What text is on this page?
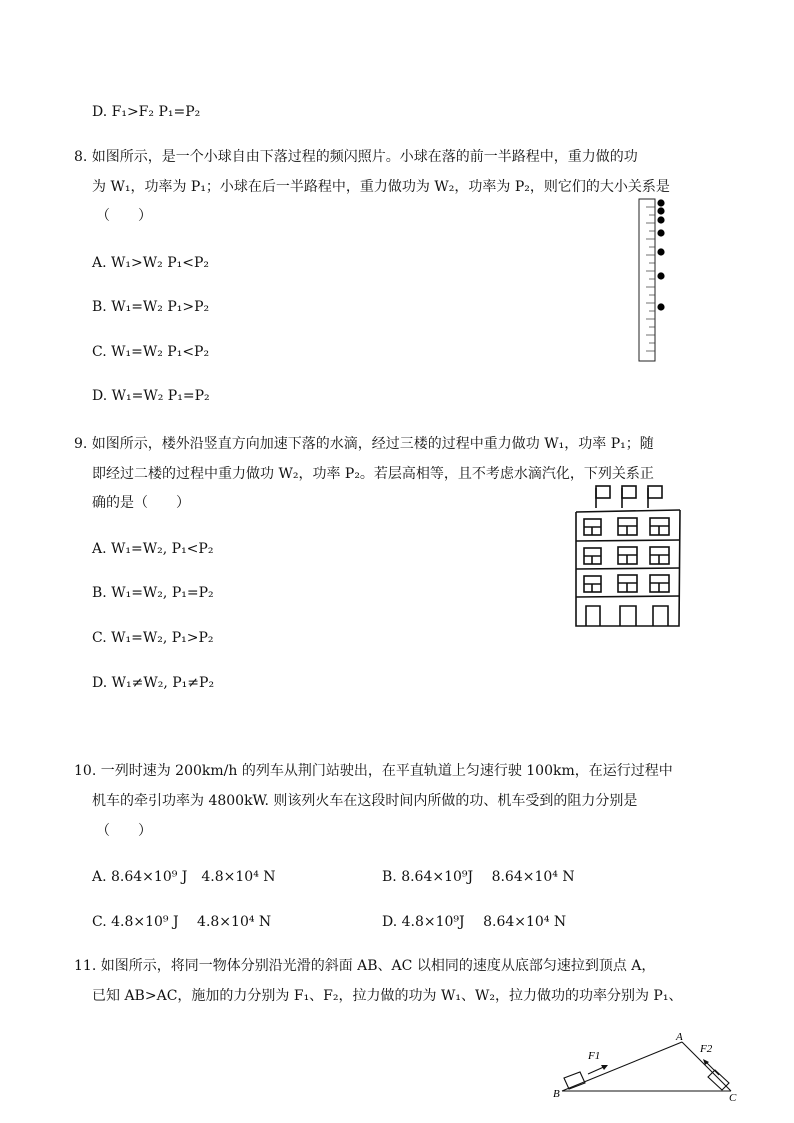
D. F₁>F₂ P₁=P₂
8. 如图所示，是一个小球自由下落过程的频闪照片。小球在落的前一半路程中，重力做的功
为 W₁，功率为 P₁；小球在后一半路程中，重力做功为 W₂，功率为 P₂，则它们的大小关系是
（　　）
A. W₁>W₂ P₁<P₂
B. W₁=W₂ P₁>P₂
C. W₁=W₂ P₁<P₂
D. W₁=W₂ P₁=P₂
9. 如图所示，楼外沿竖直方向加速下落的水滴，经过三楼的过程中重力做功 W₁，功率 P₁；随
即经过二楼的过程中重力做功 W₂，功率 P₂。若层高相等，且不考虑水滴汽化，下列关系正
确的是（　　）
A. W₁=W₂, P₁<P₂
B. W₁=W₂, P₁=P₂
C. W₁=W₂, P₁>P₂
D. W₁≠W₂, P₁≠P₂
10. 一列时速为 200km/h 的列车从荆门站驶出，在平直轨道上匀速行驶 100km，在运行过程中
机车的牵引功率为 4800kW. 则该列火车在这段时间内所做的功、机车受到的阻力分别是
（　　）
A. 8.64×10⁹ J　4.8×10⁴ N	B. 8.64×10⁹J　 8.64×10⁴ N
C. 4.8×10⁹ J　 4.8×10⁴ N	D. 4.8×10⁹J　 8.64×10⁴ N
11. 如图所示，将同一物体分别沿光滑的斜面 AB、AC 以相同的速度从底部匀速拉到顶点 A，
已知 AB>AC，施加的力分别为 F₁、F₂，拉力做的功为 W₁、W₂，拉力做功的功率分别为 P₁、
A
B	C
F1
F2
